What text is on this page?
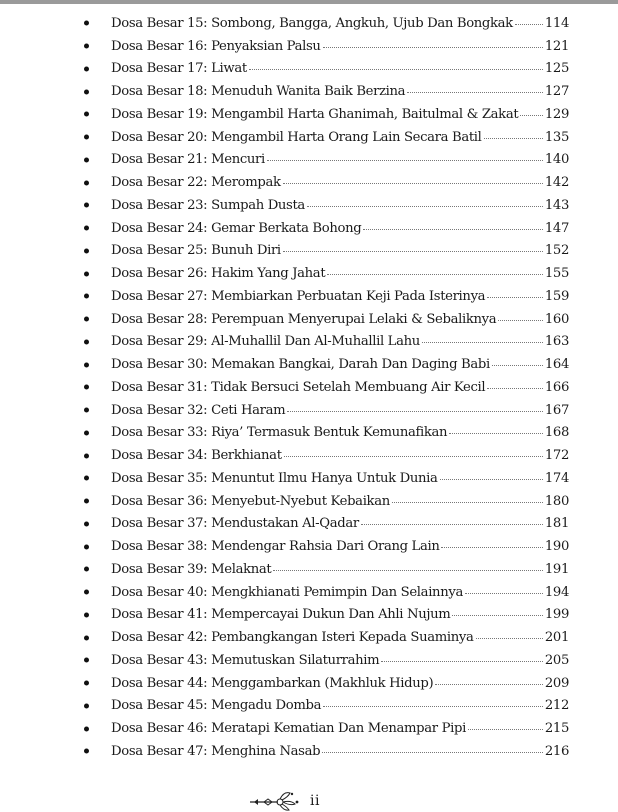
Dosa Besar 15: Sombong, Bangga, Angkuh, Ujub Dan Bongkak 114
Dosa Besar 16: Penyaksian Palsu	121
Dosa Besar 17: Liwat	125
Dosa Besar 18: Menuduh Wanita Baik Berzina	127
Dosa Besar 19: Mengambil Harta Ghanimah, Baitulmal & Zakat 129
Dosa Besar 20: Mengambil Harta Orang Lain Secara Batil	135
Dosa Besar 21: Mencuri	140
Dosa Besar 22: Merompak	142
Dosa Besar 23: Sumpah Dusta	143
Dosa Besar 24: Gemar Berkata Bohong	147
Dosa Besar 25: Bunuh Diri	152
Dosa Besar 26: Hakim Yang Jahat	155
Dosa Besar 27: Membiarkan Perbuatan Keji Pada Isterinya	159
Dosa Besar 28: Perempuan Menyerupai Lelaki & Sebaliknya	160
Dosa Besar 29: Al-Muhallil Dan Al-Muhallil Lahu	163
Dosa Besar 30: Memakan Bangkai, Darah Dan Daging Babi	164
Dosa Besar 31: Tidak Bersuci Setelah Membuang Air Kecil	166
Dosa Besar 32: Ceti Haram	167
Dosa Besar 33: Riya’ Termasuk Bentuk Kemunafikan	168
Dosa Besar 34: Berkhianat	172
Dosa Besar 35: Menuntut Ilmu Hanya Untuk Dunia	174
Dosa Besar 36: Menyebut-Nyebut Kebaikan	180
Dosa Besar 37: Mendustakan Al-Qadar	181
Dosa Besar 38: Mendengar Rahsia Dari Orang Lain	190
Dosa Besar 39: Melaknat	191
Dosa Besar 40: Mengkhianati Pemimpin Dan Selainnya	194
Dosa Besar 41: Mempercayai Dukun Dan Ahli Nujum	199
Dosa Besar 42: Pembangkangan Isteri Kepada Suaminya	201
Dosa Besar 43: Memutuskan Silaturrahim	205
Dosa Besar 44: Menggambarkan (Makhluk Hidup)	209
Dosa Besar 45: Mengadu Domba	212
Dosa Besar 46: Meratapi Kematian Dan Menampar Pipi	215
Dosa Besar 47: Menghina Nasab	216
ii
